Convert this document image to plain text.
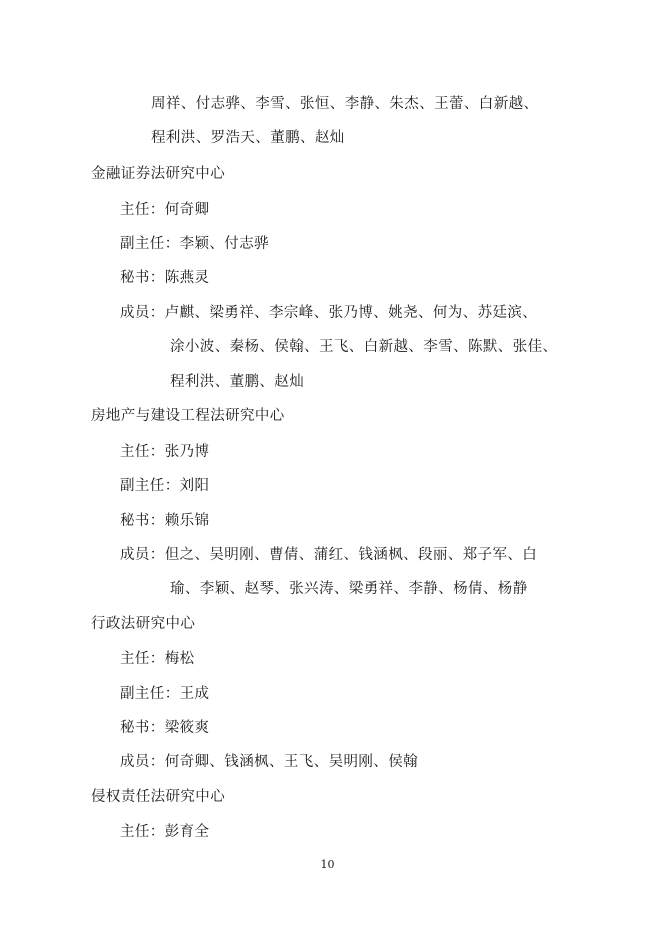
周祥、付志骅、李雪、张恒、李静、朱杰、王蕾、白新越、
程利洪、罗浩天、董鹏、赵灿
金融证券法研究中心
主任：何奇卿
副主任：李颖、付志骅
秘书：陈燕灵
成员：卢麒、梁勇祥、李宗峰、张乃博、姚尧、何为、苏廷滨、
涂小波、秦杨、侯翰、王飞、白新越、李雪、陈默、张佳、
程利洪、董鹏、赵灿
房地产与建设工程法研究中心
主任：张乃博
副主任：刘阳
秘书：赖乐锦
成员：但之、吴明刚、曹倩、蒲红、钱涵枫、段丽、郑子军、白
瑜、李颖、赵琴、张兴涛、梁勇祥、李静、杨倩、杨静
行政法研究中心
主任：梅松
副主任：王成
秘书：梁筱爽
成员：何奇卿、钱涵枫、王飞、吴明刚、侯翰
侵权责任法研究中心
主任：彭育全
10
